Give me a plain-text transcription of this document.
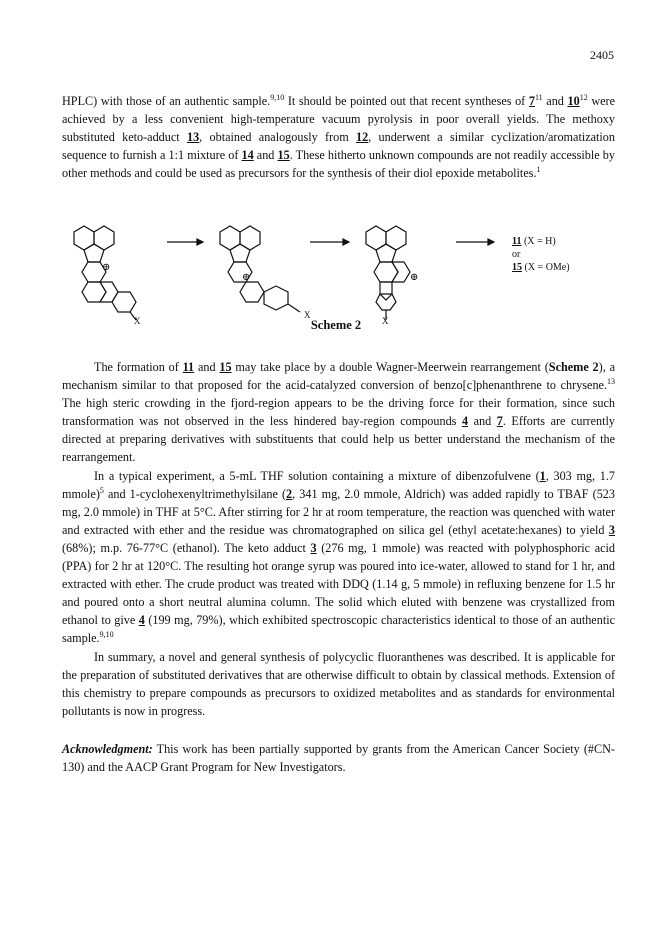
2405

HPLC) with those of an authentic sample.$^{9,10}$ It should be pointed out that recent syntheses of $7^{11}$ and $10^{12}$ were achieved by a less convenient high-temperature vacuum pyrolysis in poor overall yields. The methoxy substituted keto-adduct 13, obtained analogously from 12, underwent a similar cyclization/aromatization sequence to furnish a 1:1 mixture of 14 and 15. These hitherto unknown compounds are not readily accessible by other methods and could be used as precursors for the synthesis of their diol epoxide metabolites.$^1$

⊕
X
⊕
X
⊕
X
11 (X = H)
or
15 (X = OMe)
Scheme 2

The formation of 11 and 15 may take place by a double Wagner-Meerwein rearrangement (Scheme 2), a mechanism similar to that proposed for the acid-catalyzed conversion of benzo[c]phenanthrene to chrysene.$^{13}$ The high steric crowding in the fjord-region appears to be the driving force for their formation, since such transformation was not observed in the less hindered bay-region compounds 4 and 7. Efforts are currently directed at preparing derivatives with substituents that could help us better understand the mechanism of the rearrangement.

In a typical experiment, a 5-mL THF solution containing a mixture of dibenzofulvene (1, 303 mg, 1.7 mmole)$^5$ and 1-cyclohexenyltrimethylsilane (2, 341 mg, 2.0 mmole, Aldrich) was added rapidly to TBAF (523 mg, 2.0 mmole) in THF at 5°C. After stirring for 2 hr at room temperature, the reaction was quenched with water and extracted with ether and the residue was chromatographed on silica gel (ethyl acetate:hexanes) to yield 3 (68%); m.p. 76-77°C (ethanol). The keto adduct 3 (276 mg, 1 mmole) was reacted with polyphosphoric acid (PPA) for 2 hr at 120°C. The resulting hot orange syrup was poured into ice-water, allowed to stand for 1 hr, and extracted with ether. The crude product was treated with DDQ (1.14 g, 5 mmole) in refluxing benzene for 1.5 hr and poured onto a short neutral alumina column. The solid which eluted with benzene was crystallized from ethanol to give 4 (199 mg, 79%), which exhibited spectroscopic characteristics identical to those of an authentic sample.$^{9,10}$

In summary, a novel and general synthesis of polycyclic fluoranthenes was described. It is applicable for the preparation of substituted derivatives that are otherwise difficult to obtain by classical methods. Extension of this chemistry to prepare compounds as precursors to oxidized metabolites and as standards for environmental pollutants is now in progress.

Acknowledgment: This work has been partially supported by grants from the American Cancer Society (#CN-130) and the AACP Grant Program for New Investigators.
